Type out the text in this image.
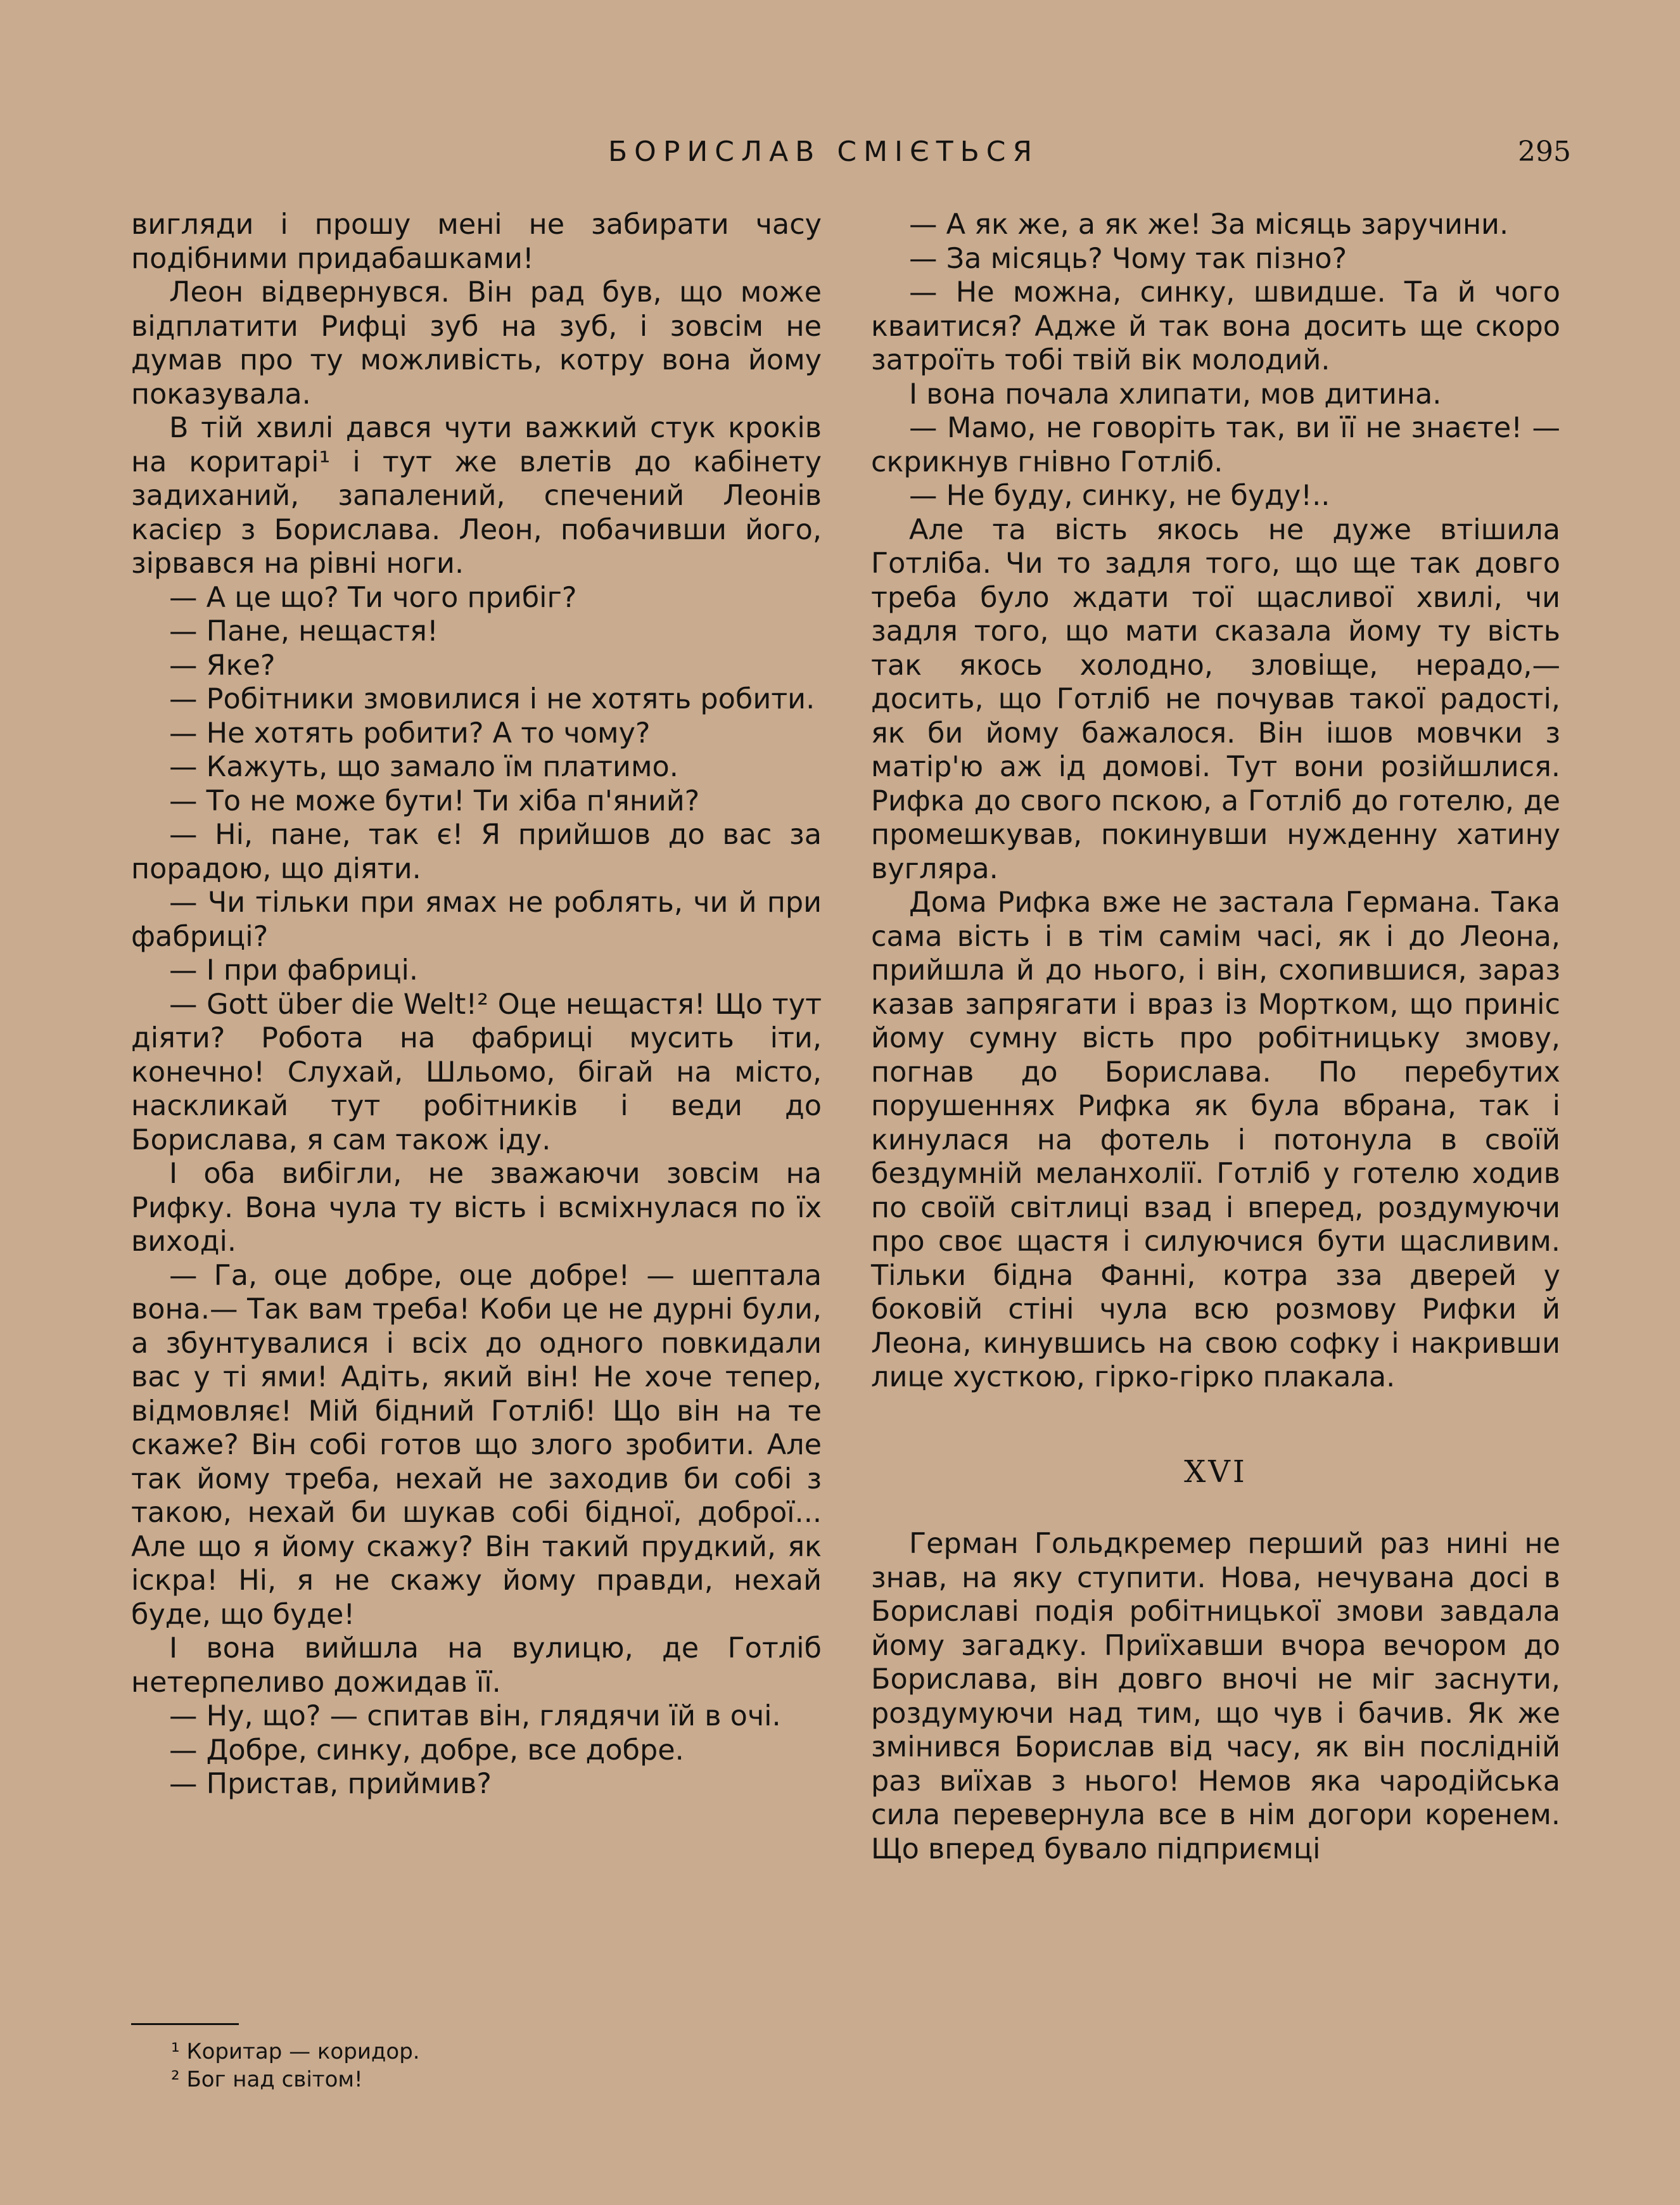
БОРИСЛАВ СМІЄТЬСЯ	295

вигляди і прошу мені не забирати часу подібними придабашками!

Леон відвернувся. Він рад був, що може відплатити Рифці зуб на зуб, і зовсім не думав про ту можливість, котру вона йому показувала.

В тій хвилі дався чути важкий стук кроків на коритарі¹ і тут же влетів до кабінету задиханий, запалений, спечений Леонів касієр з Борислава. Леон, побачивши його, зірвався на рівні ноги.

— А це що? Ти чого прибіг?

— Пане, нещастя!

— Яке?

— Робітники змовилися і не хотять робити.

— Не хотять робити? А то чому?

— Кажуть, що замало їм платимо.

— То не може бути! Ти хіба п'яний?

— Ні, пане, так є! Я прийшов до вас за порадою, що діяти.

— Чи тільки при ямах не роблять, чи й при фабриці?

— І при фабриці.

— Gott über die Welt!² Оце нещастя! Що тут діяти? Робота на фабриці мусить іти, конечно! Слухай, Шльомо, бігай на місто, наскликай тут робітників і веди до Борислава, я сам також іду.

І оба вибігли, не зважаючи зовсім на Рифку. Вона чула ту вість і всміхнулася по їх виході.

— Га, оце добре, оце добре! — шептала вона.— Так вам треба! Коби це не дурні були, а збунтувалися і всіх до одного повкидали вас у ті ями! Адіть, який він! Не хоче тепер, відмовляє! Мій бідний Готліб! Що він на те скаже? Він собі готов що злого зробити. Але так йому треба, нехай не заходив би собі з такою, нехай би шукав собі бідної, доброї... Але що я йому скажу? Він такий прудкий, як іскра! Ні, я не скажу йому правди, нехай буде, що буде!

І вона вийшла на вулицю, де Готліб нетерпеливо дожидав її.

— Ну, що? — спитав він, глядячи їй в очі.

— Добре, синку, добре, все добре.

— Пристав, приймив?

— А як же, а як же! За місяць заручини.

— За місяць? Чому так пізно?

— Не можна, синку, швидше. Та й чого кваитися? Адже й так вона досить ще скоро затроїть тобі твій вік молодий.

І вона почала хлипати, мов дитина.

— Мамо, не говоріть так, ви її не знаєте! — скрикнув гнівно Готліб.

— Не буду, синку, не буду!..

Але та вість якось не дуже втішила Готліба. Чи то задля того, що ще так довго треба було ждати тої щасливої хвилі, чи задля того, що мати сказала йому ту вість так якось холодно, зловіще, нерадо,— досить, що Готліб не почував такої радості, як би йому бажалося. Він ішов мовчки з матір'ю аж ід домові. Тут вони розійшлися. Рифка до свого пскою, а Готліб до готелю, де промешкував, покинувши нужденну хатину вугляра.

Дома Рифка вже не застала Германа. Така сама вість і в тім самім часі, як і до Леона, прийшла й до нього, і він, схопившися, зараз казав запрягати і враз із Мортком, що приніс йому сумну вість про робітницьку змову, погнав до Борислава. По перебутих порушеннях Рифка як була вбрана, так і кинулася на фотель і потонула в своїй бездумній меланхолії. Готліб у готелю ходив по своїй світлиці взад і вперед, роздумуючи про своє щастя і силуючися бути щасливим. Тільки бідна Фанні, котра зза дверей у боковій стіні чула всю розмову Рифки й Леона, кинувшись на свою софку і накривши лице хусткою, гірко-гірко плакала.

XVI

Герман Гольдкремер перший раз нині не знав, на яку ступити. Нова, нечувана досі в Бориславі подія робітницької змови завдала йому загадку. Приїхавши вчора вечором до Борислава, він довго вночі не міг заснути, роздумуючи над тим, що чув і бачив. Як же змінився Борислав від часу, як він послідній раз виїхав з нього! Немов яка чародійська сила перевернула все в нім догори коренем. Що вперед бувало підприємці

¹ Коритар — коридор.
² Бог над світом!
